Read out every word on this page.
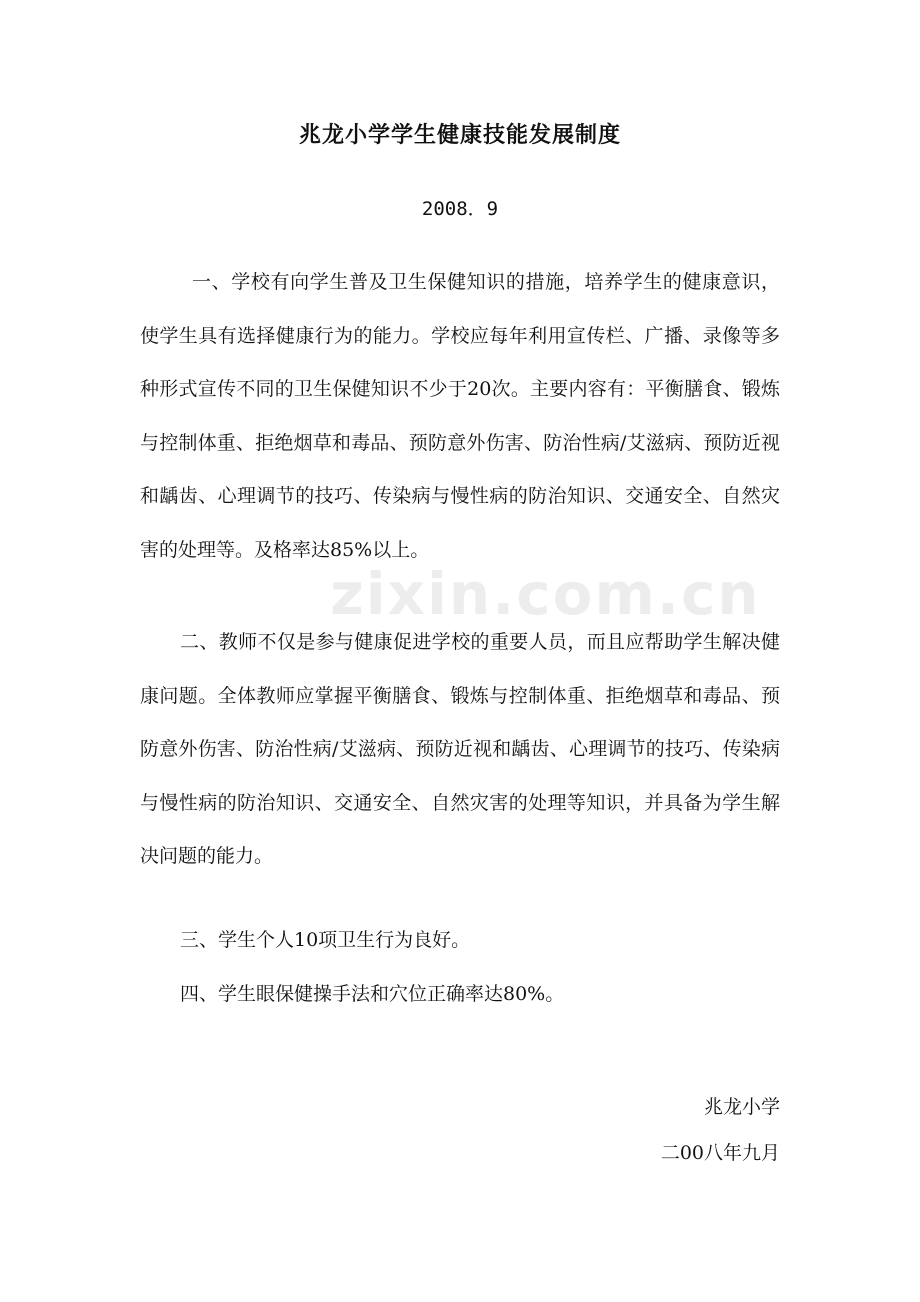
zixin.com.cn
兆龙小学学生健康技能发展制度

2008．9

一、学校有向学生普及卫生保健知识的措施，培养学生的健康意识，使学生具有选择健康行为的能力。学校应每年利用宣传栏、广播、录像等多种形式宣传不同的卫生保健知识不少于20次。主要内容有：平衡膳食、锻炼与控制体重、拒绝烟草和毒品、预防意外伤害、防治性病/艾滋病、预防近视和龋齿、心理调节的技巧、传染病与慢性病的防治知识、交通安全、自然灾害的处理等。及格率达85%以上。

二、教师不仅是参与健康促进学校的重要人员，而且应帮助学生解决健康问题。全体教师应掌握平衡膳食、锻炼与控制体重、拒绝烟草和毒品、预防意外伤害、防治性病/艾滋病、预防近视和龋齿、心理调节的技巧、传染病与慢性病的防治知识、交通安全、自然灾害的处理等知识，并具备为学生解决问题的能力。

三、学生个人10项卫生行为良好。

四、学生眼保健操手法和穴位正确率达80%。

兆龙小学

二00八年九月
